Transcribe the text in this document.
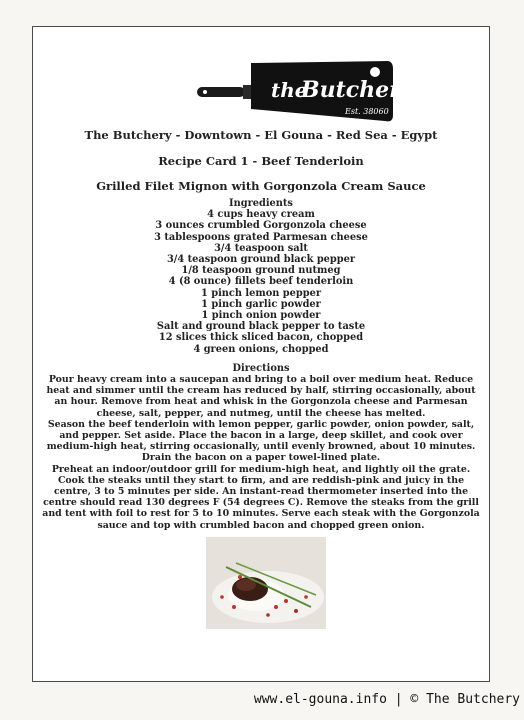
the
Butchery
Est. 38060
The Butchery - Downtown - El Gouna - Red Sea - Egypt
Recipe Card 1 - Beef Tenderloin
Grilled Filet Mignon with Gorgonzola Cream Sauce
Ingredients
4 cups heavy cream
3 ounces crumbled Gorgonzola cheese
3 tablespoons grated Parmesan cheese
3/4 teaspoon salt
3/4 teaspoon ground black pepper
1/8 teaspoon ground nutmeg
4 (8 ounce) fillets beef tenderloin
1 pinch lemon pepper
1 pinch garlic powder
1 pinch onion powder
Salt and ground black pepper to taste
12 slices thick sliced bacon, chopped
4 green onions, chopped
Directions

Pour heavy cream into a saucepan and bring to a boil over medium heat. Reduce heat and simmer until the cream has reduced by half, stirring occasionally, about an hour. Remove from heat and whisk in the Gorgonzola cheese and Parmesan cheese, salt, pepper, and nutmeg, until the cheese has melted.

Season the beef tenderloin with lemon pepper, garlic powder, onion powder, salt, and pepper. Set aside. Place the bacon in a large, deep skillet, and cook over medium-high heat, stirring occasionally, until evenly browned, about 10 minutes. Drain the bacon on a paper towel-lined plate.

Preheat an indoor/outdoor grill for medium-high heat, and lightly oil the grate. Cook the steaks until they start to firm, and are reddish-pink and juicy in the centre, 3 to 5 minutes per side. An instant-read thermometer inserted into the centre should read 130 degrees F (54 degrees C). Remove the steaks from the grill and tent with foil to rest for 5 to 10 minutes. Serve each steak with the Gorgonzola sauce and top with crumbled bacon and chopped green onion.

www.el-gouna.info | © The Butchery
